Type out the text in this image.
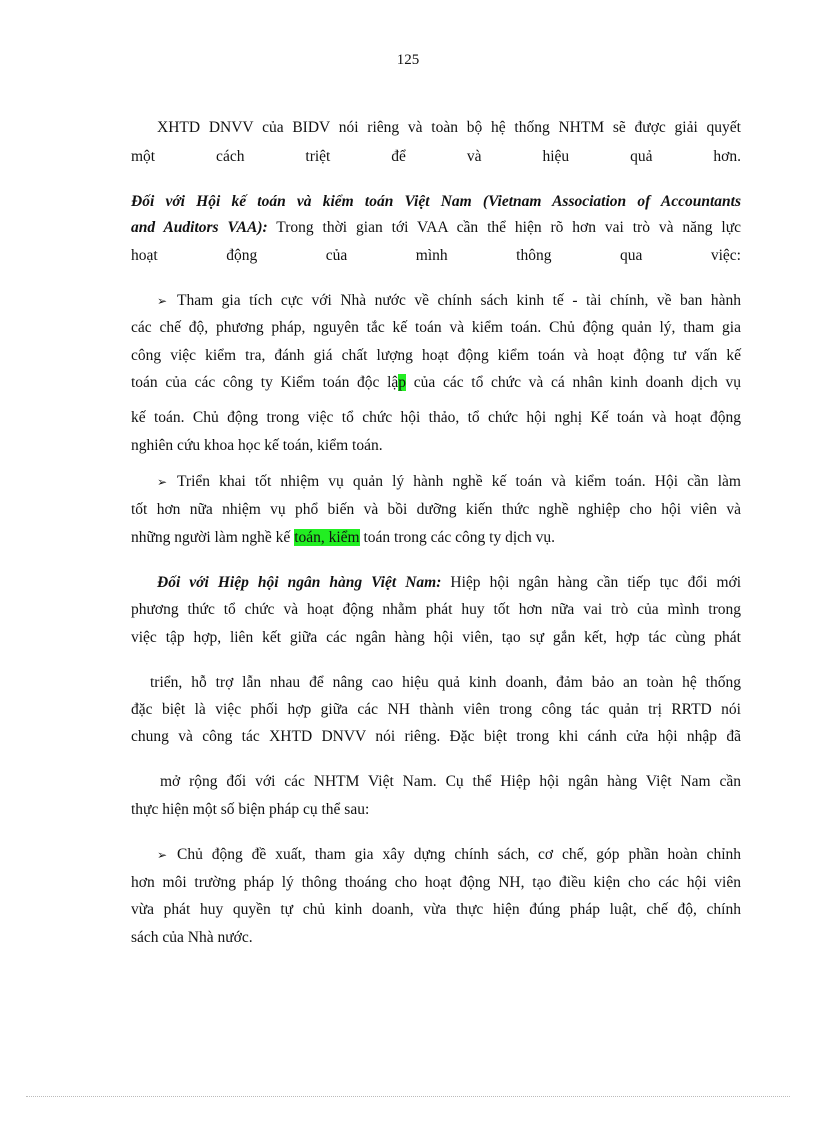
125
XHTD DNVV của BIDV nói riêng và toàn bộ hệ thống NHTM sẽ được giải quyết
một cách triệt để và hiệu quả hơn.
Đối với Hội kế toán và kiểm toán Việt Nam (Vietnam Association of Accountants
and Auditors VAA): Trong thời gian tới VAA cần thể hiện rõ hơn vai trò và năng lực
hoạt động của mình thông qua việc:
➢ Tham gia tích cực với Nhà nước về chính sách kinh tế - tài chính, về ban hành
các chế độ, phương pháp, nguyên tắc kế toán và kiểm toán. Chủ động quản lý, tham gia
công việc kiểm tra, đánh giá chất lượng hoạt động kiểm toán và hoạt động tư vấn kế
toán của các công ty Kiểm toán độc lập của các tổ chức và cá nhân kinh doanh dịch vụ
kế toán. Chủ động trong việc tổ chức hội thảo, tổ chức hội nghị Kế toán và hoạt động
nghiên cứu khoa học kế toán, kiểm toán.
➢ Triển khai tốt nhiệm vụ quản lý hành nghề kế toán và kiểm toán. Hội cần làm
tốt hơn nữa nhiệm vụ phổ biến và bồi dưỡng kiến thức nghề nghiệp cho hội viên và
những người làm nghề kế toán, kiểm toán trong các công ty dịch vụ.
Đối với Hiệp hội ngân hàng Việt Nam: Hiệp hội ngân hàng cần tiếp tục đổi mới
phương thức tổ chức và hoạt động nhằm phát huy tốt hơn nữa vai trò của mình trong
việc tập hợp, liên kết giữa các ngân hàng hội viên, tạo sự gắn kết, hợp tác cùng phát
triển, hỗ trợ lẫn nhau để nâng cao hiệu quả kinh doanh, đảm bảo an toàn hệ thống
đặc biệt là việc phối hợp giữa các NH thành viên trong công tác quản trị RRTD nói
chung và công tác XHTD DNVV nói riêng. Đặc biệt trong khi cánh cửa hội nhập đã
mở rộng đối với các NHTM Việt Nam. Cụ thể Hiệp hội ngân hàng Việt Nam cần
thực hiện một số biện pháp cụ thể sau:
➢ Chủ động đề xuất, tham gia xây dựng chính sách, cơ chế, góp phần hoàn chỉnh
hơn môi trường pháp lý thông thoáng cho hoạt động NH, tạo điều kiện cho các hội viên
vừa phát huy quyền tự chủ kinh doanh, vừa thực hiện đúng pháp luật, chế độ, chính
sách của Nhà nước.
